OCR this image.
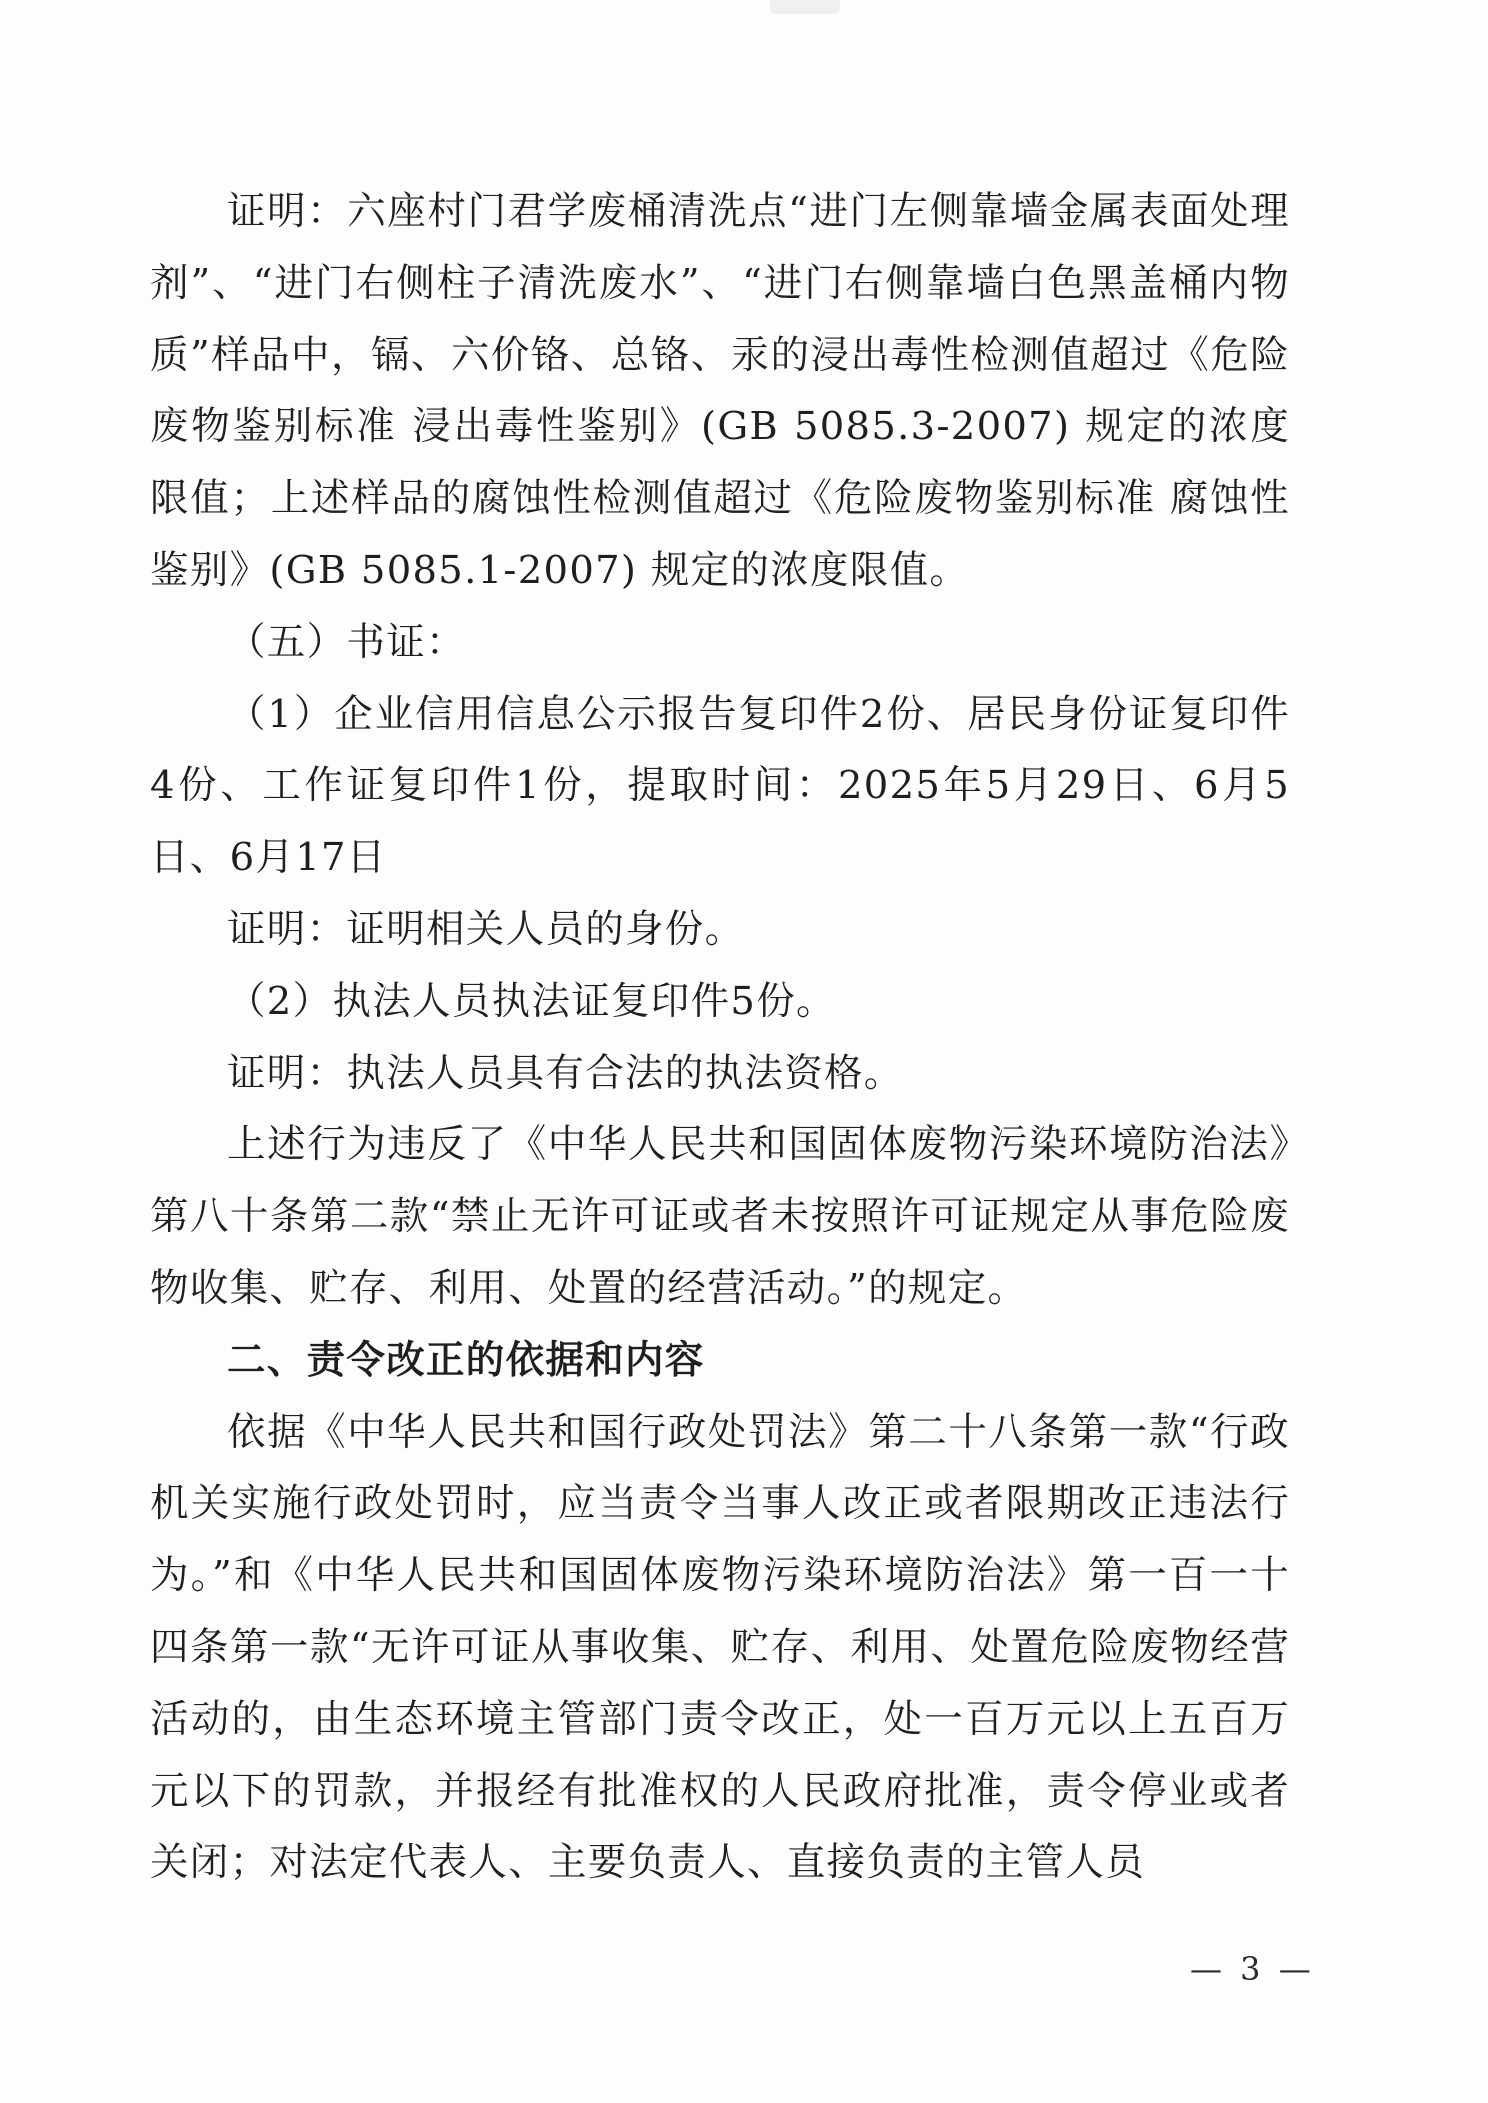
证明：六座村门君学废桶清洗点“进门左侧靠墙金属表面处理剂”、“进门右侧柱子清洗废水”、“进门右侧靠墙白色黑盖桶内物质”样品中，镉、六价铬、总铬、汞的浸出毒性检测值超过《危险废物鉴别标准 浸出毒性鉴别》(GB 5085.3-2007) 规定的浓度限值；上述样品的腐蚀性检测值超过《危险废物鉴别标准 腐蚀性鉴别》(GB 5085.1-2007) 规定的浓度限值。

（五）书证：

（1）企业信用信息公示报告复印件2份、居民身份证复印件4份、工作证复印件1份，提取时间：2025年5月29日、6月5日、6月17日

证明：证明相关人员的身份。

（2）执法人员执法证复印件5份。

证明：执法人员具有合法的执法资格。

上述行为违反了《中华人民共和国固体废物污染环境防治法》第八十条第二款“禁止无许可证或者未按照许可证规定从事危险废物收集、贮存、利用、处置的经营活动。”的规定。

二、责令改正的依据和内容

依据《中华人民共和国行政处罚法》第二十八条第一款“行政机关实施行政处罚时，应当责令当事人改正或者限期改正违法行为。”和《中华人民共和国固体废物污染环境防治法》第一百一十四条第一款“无许可证从事收集、贮存、利用、处置危险废物经营活动的，由生态环境主管部门责令改正，处一百万元以上五百万元以下的罚款，并报经有批准权的人民政府批准，责令停业或者关闭；对法定代表人、主要负责人、直接负责的主管人员

— 3 —
